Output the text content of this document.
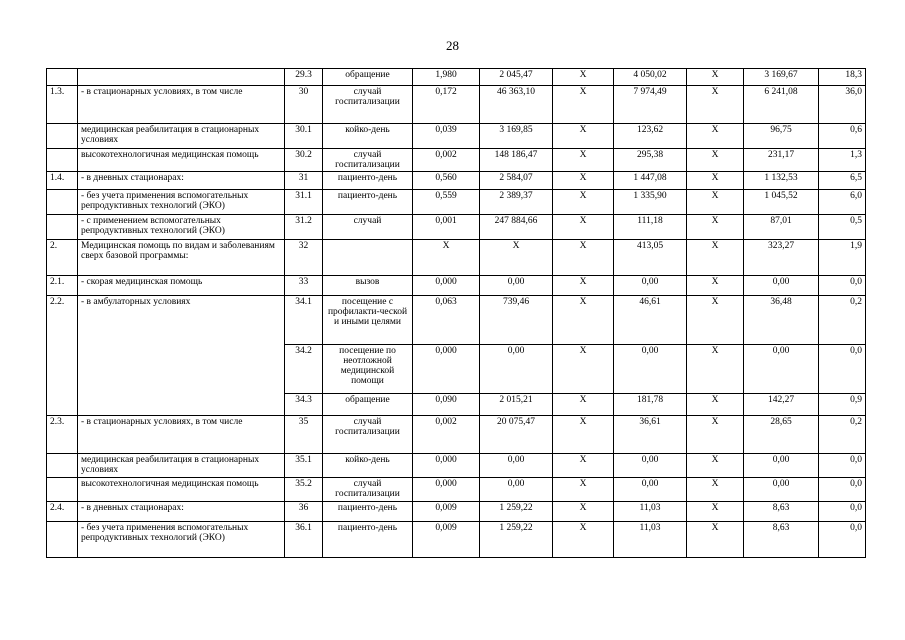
28
		29.3	обращение	1,980	2 045,47	X	4 050,02	X	3 169,67	18,3
1.3.	- в стационарных условиях, в том числе	30	случай госпитализации	0,172	46 363,10	X	7 974,49	X	6 241,08	36,0
	медицинская реабилитация в стационарных условиях	30.1	койко-день	0,039	3 169,85	X	123,62	X	96,75	0,6
	высокотехнологичная медицинская помощь	30.2	случай госпитализации	0,002	148 186,47	X	295,38	X	231,17	1,3
1.4.	- в дневных стационарах:	31	пациенто-день	0,560	2 584,07	X	1 447,08	X	1 132,53	6,5
	- без учета применения вспомогательных репродуктивных технологий (ЭКО)	31.1	пациенто-день	0,559	2 389,37	X	1 335,90	X	1 045,52	6,0
	- с применением вспомогательных репродуктивных технологий (ЭКО)	31.2	случай	0,001	247 884,66	X	111,18	X	87,01	0,5
2.	Медицинская помощь по видам и заболеваниям сверх базовой программы:	32		X	X	X	413,05	X	323,27	1,9
2.1.	- скорая медицинская помощь	33	вызов	0,000	0,00	X	0,00	X	0,00	0,0
2.2.	- в амбулаторных условиях	34.1	посещение с профилакти-ческой и иными целями	0,063	739,46	X	46,61	X	36,48	0,2
		34.2	посещение по неотложной медицинской помощи	0,000	0,00	X	0,00	X	0,00	0,0
		34.3	обращение	0,090	2 015,21	X	181,78	X	142,27	0,9
2.3.	- в стационарных условиях, в том числе	35	случай госпитализации	0,002	20 075,47	X	36,61	X	28,65	0,2
	медицинская реабилитация в стационарных условиях	35.1	койко-день	0,000	0,00	X	0,00	X	0,00	0,0
	высокотехнологичная медицинская помощь	35.2	случай госпитализации	0,000	0,00	X	0,00	X	0,00	0,0
2.4.	- в дневных стационарах:	36	пациенто-день	0,009	1 259,22	X	11,03	X	8,63	0,0
	- без учета применения вспомогательных репродуктивных технологий (ЭКО)	36.1	пациенто-день	0,009	1 259,22	X	11,03	X	8,63	0,0
